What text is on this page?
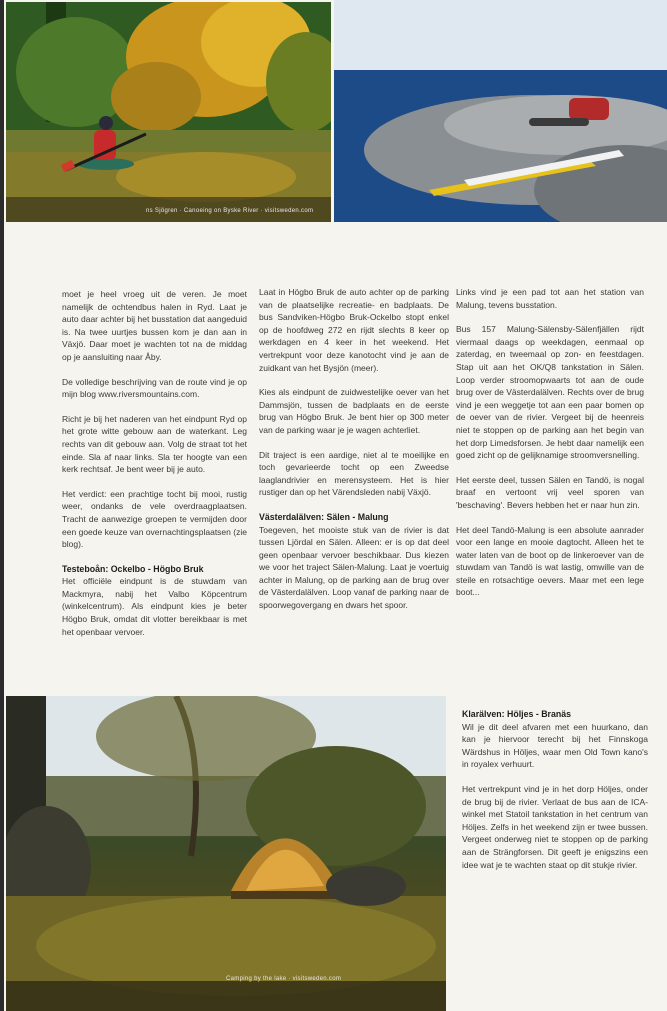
ns Sjögren · Canoeing on Byske River · visitsweden.com

moet je heel vroeg uit de veren. Je moet namelijk de ochtendbus halen in Ryd. Laat je auto daar achter bij het busstation dat aangeduid is. Na twee uurtjes bussen kom je dan aan in Växjö. Daar moet je wachten tot na de middag op je aansluiting naar Åby.

De volledige beschrijving van de route vind je op mijn blog www.riversmountains.com.

Richt je bij het naderen van het eindpunt Ryd op het grote witte gebouw aan de waterkant. Leg rechts van dit gebouw aan. Volg de straat tot het einde. Sla af naar links. Sla ter hoogte van een kerk rechtsaf. Je bent weer bij je auto.

Het verdict: een prachtige tocht bij mooi, rustig weer, ondanks de vele overdraagplaatsen. Tracht de aanwezige groepen te vermijden door een goede keuze van overnachtingsplaatsen (zie blog).

Testeboån: Ockelbo - Högbo Bruk

Het officiële eindpunt is de stuwdam van Mackmyra, nabij het Valbo Köpcentrum (winkelcentrum). Als eindpunt kies je beter Högbo Bruk, omdat dit vlotter bereikbaar is met het openbaar vervoer.

Laat in Högbo Bruk de auto achter op de parking van de plaatselijke recreatie- en badplaats. De bus Sandviken-Högbo Bruk-Ockelbo stopt enkel op de hoofdweg 272 en rijdt slechts 8 keer op werkdagen en 4 keer in het weekend. Het vertrekpunt voor deze kanotocht vind je aan de zuidkant van het Bysjön (meer).

Kies als eindpunt de zuidwestelijke oever van het Dammsjön, tussen de badplaats en de eerste brug van Högbo Bruk. Je bent hier op 300 meter van de parking waar je je wagen achterliet.

Dit traject is een aardige, niet al te moeilijke en toch gevarieerde tocht op een Zweedse laaglandrivier en merensysteem. Het is hier rustiger dan op het Värendsleden nabij Växjö.

Västerdalälven: Sälen - Malung

Toegeven, het mooiste stuk van de rivier is dat tussen Ljördal en Sälen. Alleen: er is op dat deel geen openbaar vervoer beschikbaar. Dus kiezen we voor het traject Sälen-Malung. Laat je voertuig achter in Malung, op de parking aan de brug over de Västerdalälven. Loop vanaf de parking naar de spoorwegovergang en dwars het spoor.

Links vind je een pad tot aan het station van Malung, tevens busstation.

Bus 157 Malung-Sälensby-Sälenfjällen rijdt viermaal daags op weekdagen, eenmaal op zaterdag, en tweemaal op zon- en feestdagen. Stap uit aan het OK/Q8 tankstation in Sälen. Loop verder stroomopwaarts tot aan de oude brug over de Västerdalälven. Rechts over de brug vind je een weggetje tot aan een paar bomen op de oever van de rivier. Vergeet bij de heenreis niet te stoppen op de parking aan het begin van het dorp Limedsforsen. Je hebt daar namelijk een goed zicht op de gelijknamige stroomversnelling.

Het eerste deel, tussen Sälen en Tandö, is nogal braaf en vertoont vrij veel sporen van 'beschaving'. Bevers hebben het er naar hun zin.

Het deel Tandö-Malung is een absolute aanrader voor een lange en mooie dagtocht. Alleen het te water laten van de boot op de linkeroever van de stuwdam van Tandö is wat lastig, omwille van de steile en rotsachtige oevers. Maar met een lege boot...

Camping by the lake · visitsweden.com
Klarälven: Höljes - Branäs

Wil je dit deel afvaren met een huurkano, dan kan je hiervoor terecht bij het Finnskoga Wärdshus in Höljes, waar men Old Town kano's in royalex verhuurt.

Het vertrekpunt vind je in het dorp Höljes, onder de brug bij de rivier. Verlaat de bus aan de ICA-winkel met Statoil tankstation in het centrum van Höljes. Zelfs in het weekend zijn er twee bussen. Vergeet onderweg niet te stoppen op de parking aan de Strängforsen. Dit geeft je enigszins een idee wat je te wachten staat op dit stukje rivier.
